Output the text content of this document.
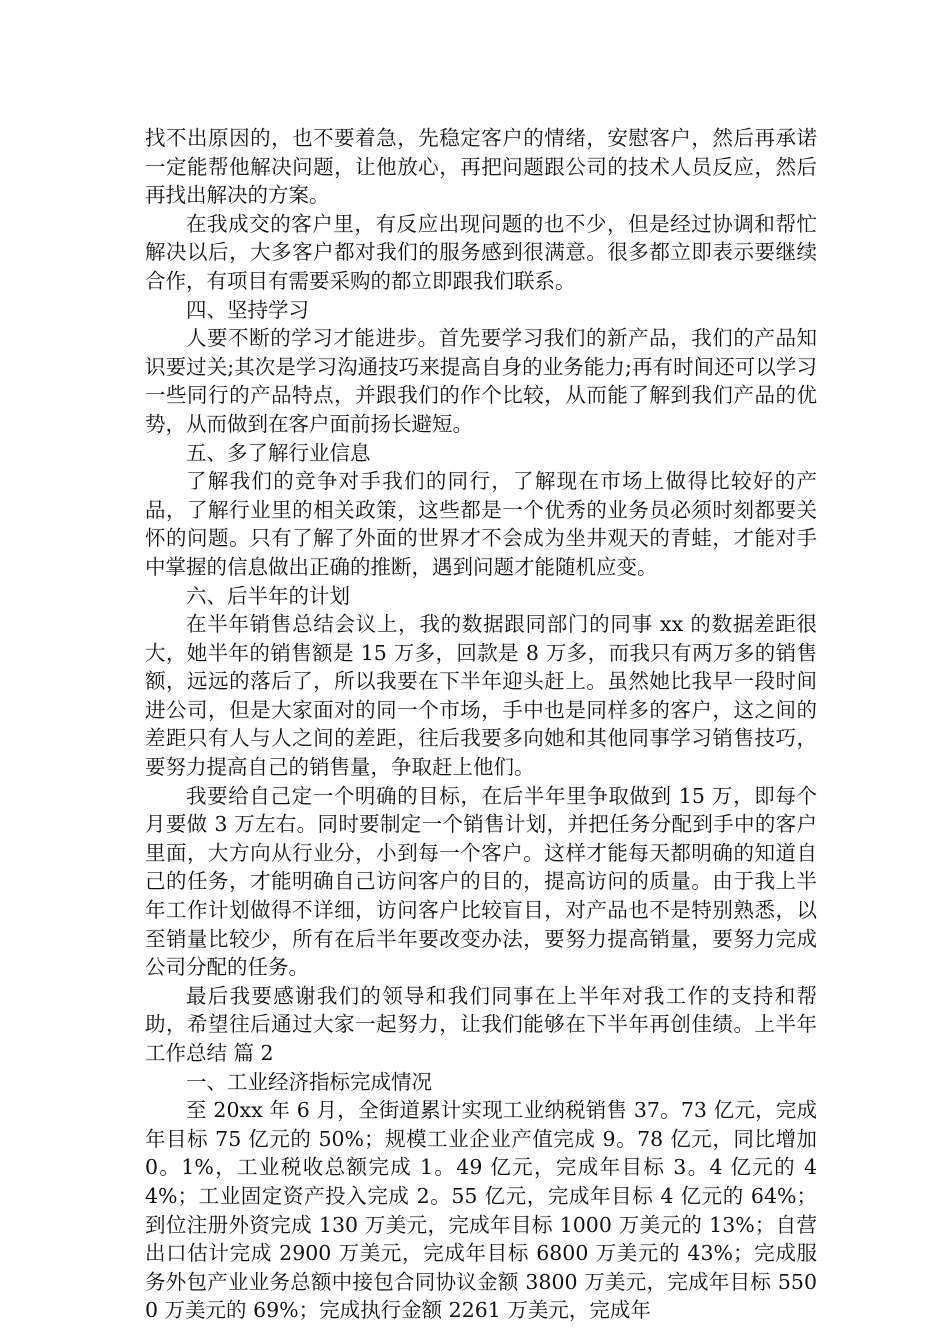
找不出原因的，也不要着急，先稳定客户的情绪，安慰客户，然后再承诺一定能帮他解决问题，让他放心，再把问题跟公司的技术人员反应，然后再找出解决的方案。

在我成交的客户里，有反应出现问题的也不少，但是经过协调和帮忙解决以后，大多客户都对我们的服务感到很满意。很多都立即表示要继续合作，有项目有需要采购的都立即跟我们联系。

四、坚持学习

人要不断的学习才能进步。首先要学习我们的新产品，我们的产品知识要过关;其次是学习沟通技巧来提高自身的业务能力;再有时间还可以学习一些同行的产品特点，并跟我们的作个比较，从而能了解到我们产品的优势，从而做到在客户面前扬长避短。

五、多了解行业信息

了解我们的竞争对手我们的同行，了解现在市场上做得比较好的产品，了解行业里的相关政策，这些都是一个优秀的业务员必须时刻都要关怀的问题。只有了解了外面的世界才不会成为坐井观天的青蛙，才能对手中掌握的信息做出正确的推断，遇到问题才能随机应变。

六、后半年的计划

在半年销售总结会议上，我的数据跟同部门的同事 xx 的数据差距很大，她半年的销售额是 15 万多，回款是 8 万多，而我只有两万多的销售额，远远的落后了，所以我要在下半年迎头赶上。虽然她比我早一段时间进公司，但是大家面对的同一个市场，手中也是同样多的客户，这之间的差距只有人与人之间的差距，往后我要多向她和其他同事学习销售技巧，要努力提高自己的销售量，争取赶上他们。

我要给自己定一个明确的目标，在后半年里争取做到 15 万，即每个月要做 3 万左右。同时要制定一个销售计划，并把任务分配到手中的客户里面，大方向从行业分，小到每一个客户。这样才能每天都明确的知道自己的任务，才能明确自己访问客户的目的，提高访问的质量。由于我上半年工作计划做得不详细，访问客户比较盲目，对产品也不是特别熟悉，以至销量比较少，所有在后半年要改变办法，要努力提高销量，要努力完成公司分配的任务。

最后我要感谢我们的领导和我们同事在上半年对我工作的支持和帮助，希望往后通过大家一起努力，让我们能够在下半年再创佳绩。上半年工作总结 篇 2

一、工业经济指标完成情况

至 20xx 年 6 月，全街道累计实现工业纳税销售 37。73 亿元，完成年目标 75 亿元的 50%；规模工业企业产值完成 9。78 亿元，同比增加 0。1%，工业税收总额完成 1。49 亿元，完成年目标 3。4 亿元的 44%；工业固定资产投入完成 2。55 亿元，完成年目标 4 亿元的 64%；到位注册外资完成 130 万美元，完成年目标 1000 万美元的 13%；自营出口估计完成 2900 万美元，完成年目标 6800 万美元的 43%；完成服务外包产业业务总额中接包合同协议金额 3800 万美元，完成年目标 5500 万美元的 69%；完成执行金额 2261 万美元，完成年
